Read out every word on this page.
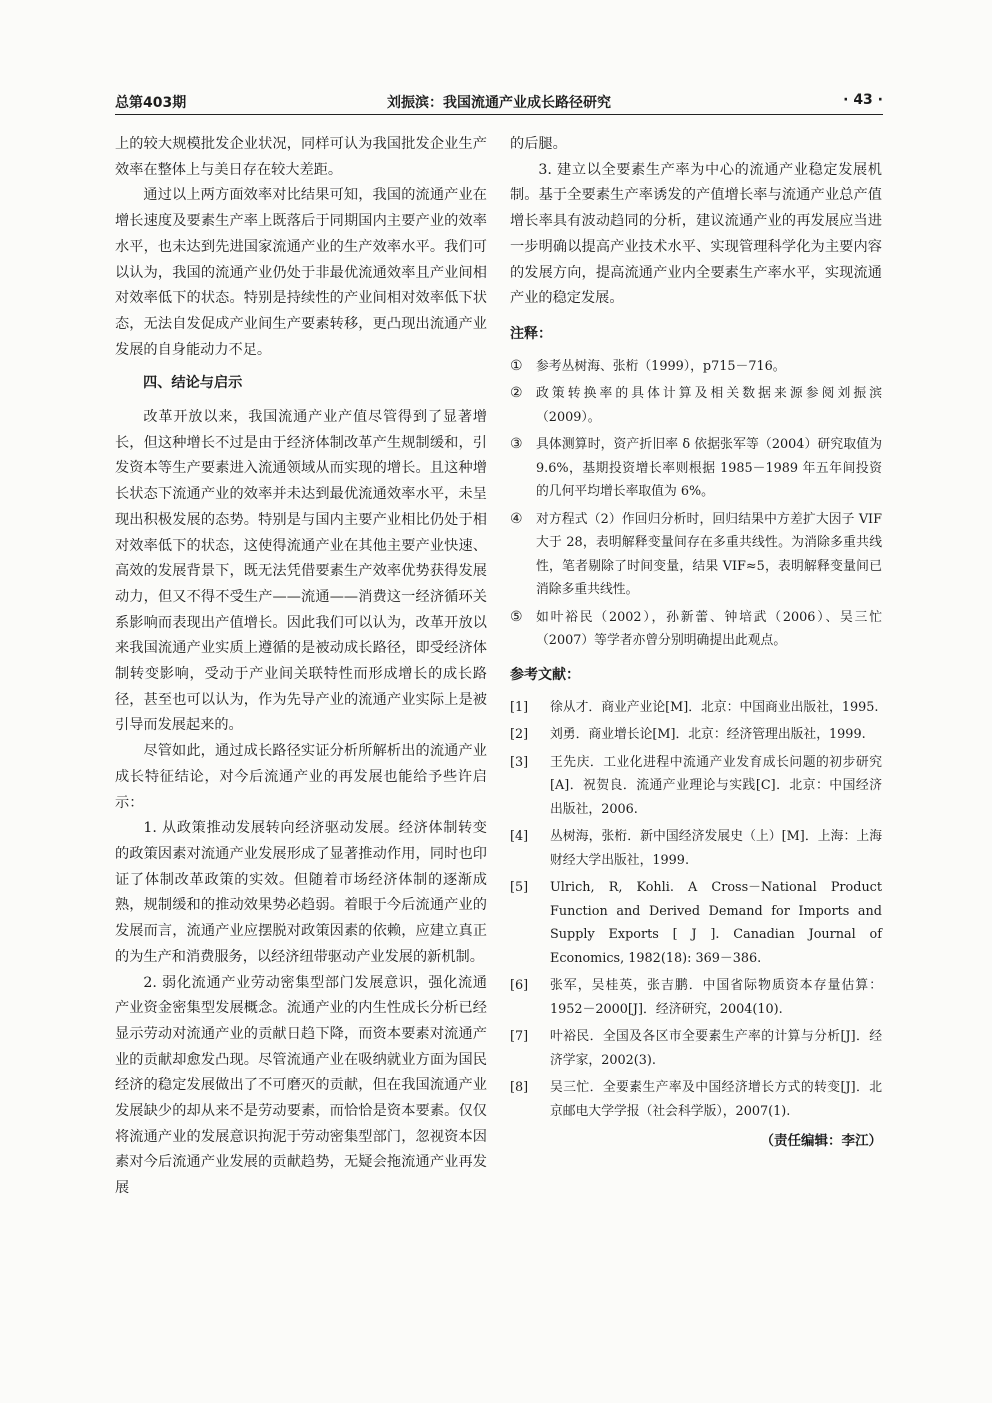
总第403期	刘振滨：我国流通产业成长路径研究	· 43 ·

上的较大规模批发企业状况，同样可认为我国批发企业生产效率在整体上与美日存在较大差距。

通过以上两方面效率对比结果可知，我国的流通产业在增长速度及要素生产率上既落后于同期国内主要产业的效率水平，也未达到先进国家流通产业的生产效率水平。我们可以认为，我国的流通产业仍处于非最优流通效率且产业间相对效率低下的状态。特别是持续性的产业间相对效率低下状态，无法自发促成产业间生产要素转移，更凸现出流通产业发展的自身能动力不足。

四、结论与启示

改革开放以来，我国流通产业产值尽管得到了显著增长，但这种增长不过是由于经济体制改革产生规制缓和，引发资本等生产要素进入流通领域从而实现的增长。且这种增长状态下流通产业的效率并未达到最优流通效率水平，未呈现出积极发展的态势。特别是与国内主要产业相比仍处于相对效率低下的状态，这使得流通产业在其他主要产业快速、高效的发展背景下，既无法凭借要素生产效率优势获得发展动力，但又不得不受生产——流通——消费这一经济循环关系影响而表现出产值增长。因此我们可以认为，改革开放以来我国流通产业实质上遵循的是被动成长路径，即受经济体制转变影响，受动于产业间关联特性而形成增长的成长路径，甚至也可以认为，作为先导产业的流通产业实际上是被引导而发展起来的。

尽管如此，通过成长路径实证分析所解析出的流通产业成长特征结论，对今后流通产业的再发展也能给予些许启示：

1. 从政策推动发展转向经济驱动发展。经济体制转变的政策因素对流通产业发展形成了显著推动作用，同时也印证了体制改革政策的实效。但随着市场经济体制的逐渐成熟，规制缓和的推动效果势必趋弱。着眼于今后流通产业的发展而言，流通产业应摆脱对政策因素的依赖，应建立真正的为生产和消费服务，以经济纽带驱动产业发展的新机制。

2. 弱化流通产业劳动密集型部门发展意识，强化流通产业资金密集型发展概念。流通产业的内生性成长分析已经显示劳动对流通产业的贡献日趋下降，而资本要素对流通产业的贡献却愈发凸现。尽管流通产业在吸纳就业方面为国民经济的稳定发展做出了不可磨灭的贡献，但在我国流通产业发展缺少的却从来不是劳动要素，而恰恰是资本要素。仅仅将流通产业的发展意识拘泥于劳动密集型部门，忽视资本因素对今后流通产业发展的贡献趋势，无疑会拖流通产业再发展

的后腿。

3. 建立以全要素生产率为中心的流通产业稳定发展机制。基于全要素生产率诱发的产值增长率与流通产业总产值增长率具有波动趋同的分析，建议流通产业的再发展应当进一步明确以提高产业技术水平、实现管理科学化为主要内容的发展方向，提高流通产业内全要素生产率水平，实现流通产业的稳定发展。

注释：
①	参考丛树海、张桁（1999），p715－716。
②	政策转换率的具体计算及相关数据来源参阅刘振滨（2009）。
③	具体测算时，资产折旧率 δ 依据张军等（2004）研究取值为 9.6%，基期投资增长率则根据 1985－1989 年五年间投资的几何平均增长率取值为 6%。
④	对方程式（2）作回归分析时，回归结果中方差扩大因子 VIF 大于 28，表明解释变量间存在多重共线性。为消除多重共线性，笔者剔除了时间变量，结果 VIF≈5，表明解释变量间已消除多重共线性。
⑤	如叶裕民（2002），孙新蕾、钟培武（2006）、吴三忙（2007）等学者亦曾分别明确提出此观点。
参考文献：
[1]	徐从才．商业产业论[M]．北京：中国商业出版社，1995.
[2]	刘勇．商业增长论[M]．北京：经济管理出版社，1999.
[3]	王先庆．工业化进程中流通产业发育成长问题的初步研究[A]．祝贺良．流通产业理论与实践[C]．北京：中国经济出版社，2006.
[4]	丛树海，张桁．新中国经济发展史（上）[M]．上海：上海财经大学出版社，1999.
[5]	Ulrich, R, Kohli. A Cross－National Product Function and Derived Demand for Imports and Supply Exports [ J ]. Canadian Journal of Economics, 1982(18): 369－386.
[6]	张军，吴桂英，张吉鹏．中国省际物质资本存量估算：1952－2000[J]．经济研究，2004(10).
[7]	叶裕民．全国及各区市全要素生产率的计算与分析[J]．经济学家，2002(3).
[8]	吴三忙．全要素生产率及中国经济增长方式的转变[J]．北京邮电大学学报（社会科学版），2007(1).
（责任编辑：李江）
